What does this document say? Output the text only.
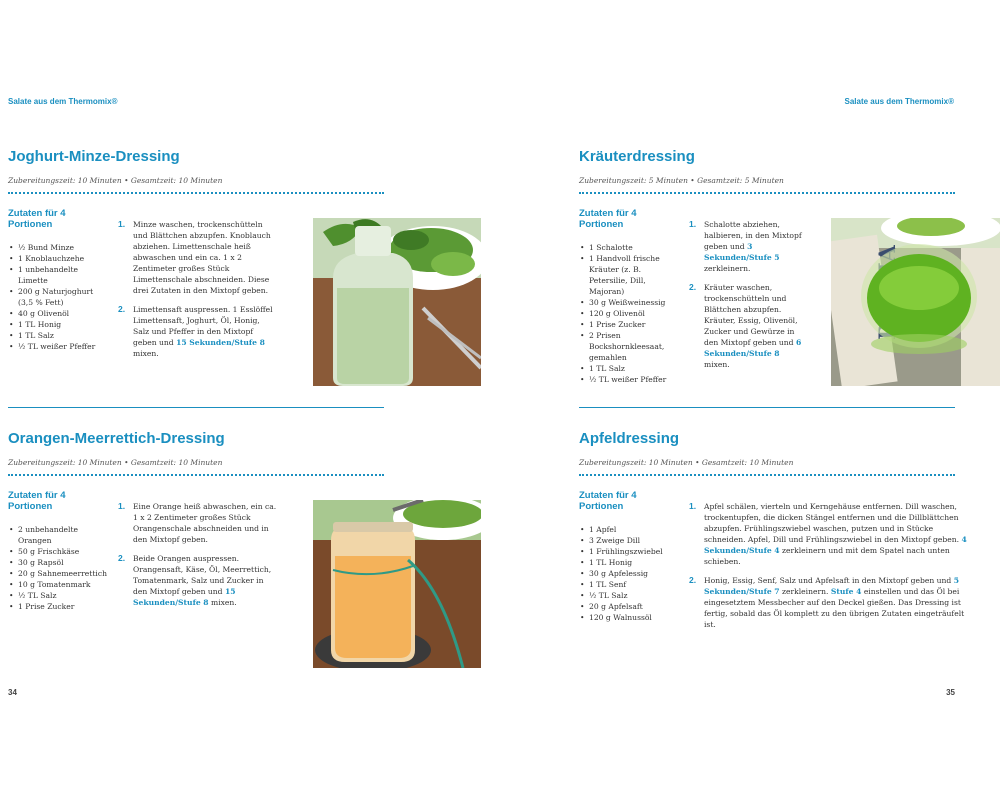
Salate aus dem Thermomix®
Joghurt-Minze-Dressing
Zubereitungszeit: 10 Minuten • Gesamtzeit: 10 Minuten
Zutaten für 4 Portionen
• ½ Bund Minze
• 1 Knoblauchzehe
• 1 unbehandelte Limette
• 200 g Naturjoghurt (3,5 % Fett)
• 40 g Olivenöl
• 1 TL Honig
• 1 TL Salz
• ½ TL weißer Pfeffer
1. Minze waschen, trockenschütteln und Blättchen abzupfen. Knoblauch abziehen. Limettenschale heiß abwaschen und ein ca. 1 x 2 Zentimeter großes Stück Limettenschale abschneiden. Diese drei Zutaten in den Mixtopf geben.
2. Limettensaft auspressen. 1 Esslöffel Limettensaft, Joghurt, Öl, Honig, Salz und Pfeffer in den Mixtopf geben und 15 Sekunden/Stufe 8 mixen.
Orangen-Meerrettich-Dressing
Zubereitungszeit: 10 Minuten • Gesamtzeit: 10 Minuten
Zutaten für 4 Portionen
• 2 unbehandelte Orangen
• 50 g Frischkäse
• 30 g Rapsöl
• 20 g Sahnemeerrettich
• 10 g Tomatenmark
• ½ TL Salz
• 1 Prise Zucker
1. Eine Orange heiß abwaschen, ein ca. 1 x 2 Zentimeter großes Stück Orangenschale abschneiden und in den Mixtopf geben.
2. Beide Orangen auspressen. Orangensaft, Käse, Öl, Meerrettich, Tomatenmark, Salz und Zucker in den Mixtopf geben und 15 Sekunden/Stufe 8 mixen.
34
Salate aus dem Thermomix®
Kräuterdressing
Zubereitungszeit: 5 Minuten • Gesamtzeit: 5 Minuten
Zutaten für 4 Portionen
• 1 Schalotte
• 1 Handvoll frische Kräuter (z. B. Petersilie, Dill, Majoran)
• 30 g Weißweinessig
• 120 g Olivenöl
• 1 Prise Zucker
• 2 Prisen Bockshornkleesaat, gemahlen
• 1 TL Salz
• ½ TL weißer Pfeffer
1. Schalotte abziehen, halbieren, in den Mixtopf geben und 3 Sekunden/Stufe 5 zerkleinern.
2. Kräuter waschen, trockenschütteln und Blättchen abzupfen. Kräuter, Essig, Olivenöl, Zucker und Gewürze in den Mixtopf geben und 6 Sekunden/Stufe 8 mixen.
Apfeldressing
Zubereitungszeit: 10 Minuten • Gesamtzeit: 10 Minuten
Zutaten für 4 Portionen
• 1 Apfel
• 3 Zweige Dill
• 1 Frühlingszwiebel
• 1 TL Honig
• 30 g Apfelessig
• 1 TL Senf
• ½ TL Salz
• 20 g Apfelsaft
• 120 g Walnussöl
1. Apfel schälen, vierteln und Kerngehäuse entfernen. Dill waschen, trockentupfen, die dicken Stängel entfernen und die Dillblättchen abzupfen. Frühlingszwiebel waschen, putzen und in Stücke schneiden. Apfel, Dill und Frühlingszwiebel in den Mixtopf geben. 4 Sekunden/Stufe 4 zerkleinern und mit dem Spatel nach unten schieben.
2. Honig, Essig, Senf, Salz und Apfelsaft in den Mixtopf geben und 5 Sekunden/Stufe 7 zerkleinern. Stufe 4 einstellen und das Öl bei eingesetztem Messbecher auf den Deckel gießen. Das Dressing ist fertig, sobald das Öl komplett zu den übrigen Zutaten eingeträufelt ist.
35
